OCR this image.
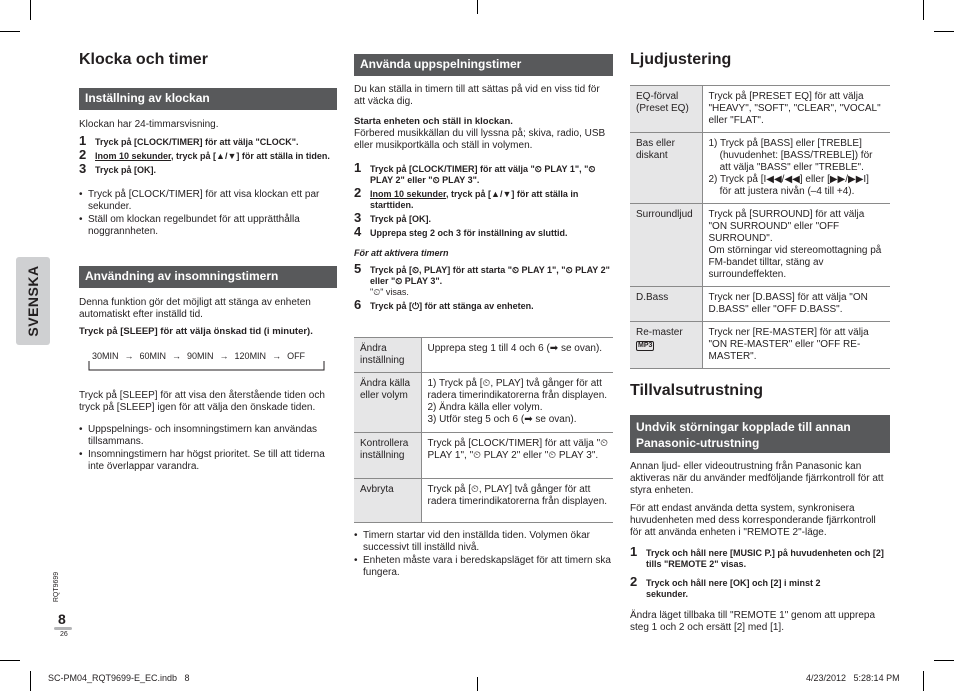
SVENSKA
RQT9699
8
26
Klocka och timer
Inställning av klockan
Klockan har 24-timmarsvisning.
1 Tryck på [CLOCK/TIMER] för att välja "CLOCK".
2 Inom 10 sekunder, tryck på [▲/▼] för att ställa in tiden.
3 Tryck på [OK].
• Tryck på [CLOCK/TIMER] för att visa klockan ett par sekunder.
• Ställ om klockan regelbundet för att upprätthålla noggrannheten.
Användning av insomningstimern
Denna funktion gör det möjligt att stänga av enheten automatiskt efter inställd tid.
Tryck på [SLEEP] för att välja önskad tid (i minuter).
30MIN → 60MIN → 90MIN → 120MIN → OFF
Tryck på [SLEEP] för att visa den återstående tiden och tryck på [SLEEP] igen för att välja den önskade tiden.
• Uppspelnings- och insomningstimern kan användas tillsammans.
• Insomningstimern har högst prioritet. Se till att tiderna inte överlappar varandra.
Använda uppspelningstimer
Du kan ställa in timern till att sättas på vid en viss tid för att väcka dig.
Starta enheten och ställ in klockan.
Förbered musikkällan du vill lyssna på; skiva, radio, USB eller musikportkälla och ställ in volymen.
1 Tryck på [CLOCK/TIMER] för att välja "⏲ PLAY 1", "⏲ PLAY 2" eller "⏲ PLAY 3".
2 Inom 10 sekunder, tryck på [▲/▼] för att ställa in starttiden.
3 Tryck på [OK].
4 Upprepa steg 2 och 3 för inställning av sluttid.
För att aktivera timern
5 Tryck på [⏲, PLAY] för att starta "⏲ PLAY 1", "⏲ PLAY 2" eller "⏲ PLAY 3".
"⏲" visas.
6 Tryck på [⏻] för att stänga av enheten.
Ändra inställning	Upprepa steg 1 till 4 och 6 (➡ se ovan).
Ändra källa eller volym	1) Tryck på [⏲, PLAY] två gånger för att radera timerindikatorerna från displayen.
2) Ändra källa eller volym.
3) Utför steg 5 och 6 (➡ se ovan).
Kontrollera inställning	Tryck på [CLOCK/TIMER] för att välja "⏲ PLAY 1", "⏲ PLAY 2" eller "⏲ PLAY 3".
Avbryta	Tryck på [⏲, PLAY] två gånger för att radera timerindikatorerna från displayen.
• Timern startar vid den inställda tiden. Volymen ökar successivt till inställd nivå.
• Enheten måste vara i beredskapsläget för att timern ska fungera.
Ljudjustering
EQ-förval
(Preset EQ)	Tryck på [PRESET EQ] för att välja "HEAVY", "SOFT", "CLEAR", "VOCAL" eller "FLAT".
Bas eller
diskant	1) Tryck på [BASS] eller [TREBLE]
(huvudenhet: [BASS/TREBLE]) för
att välja "BASS" eller "TREBLE".
2) Tryck på [I◀◀/◀◀] eller [▶▶/▶▶I]
för att justera nivån (–4 till +4).
Surroundljud	Tryck på [SURROUND] för att välja "ON SURROUND" eller "OFF SURROUND".
Om störningar vid stereomottagning på FM-bandet tilltar, stäng av surroundeffekten.
D.Bass	Tryck ner [D.BASS] för att välja "ON D.BASS" eller "OFF D.BASS".
Re-master
MP3	Tryck ner [RE-MASTER] för att välja "ON RE-MASTER" eller "OFF RE-MASTER".
Tillvalsutrustning
Undvik störningar kopplade till annan Panasonic-utrustning
Annan ljud- eller videoutrustning från Panasonic kan aktiveras när du använder medföljande fjärrkontroll för att styra enheten.
För att endast använda detta system, synkronisera huvudenheten med dess korresponderande fjärrkontroll för att använda enheten i "REMOTE 2"-läge.
1 Tryck och håll nere [MUSIC P.] på huvudenheten och [2] tills "REMOTE 2" visas.
2 Tryck och håll nere [OK] och [2] i minst 2 sekunder.
Ändra läget tillbaka till "REMOTE 1" genom att upprepa steg 1 och 2 och ersätt [2] med [1].
SC-PM04_RQT9699-E_EC.indb   8	4/23/2012   5:28:14 PM
